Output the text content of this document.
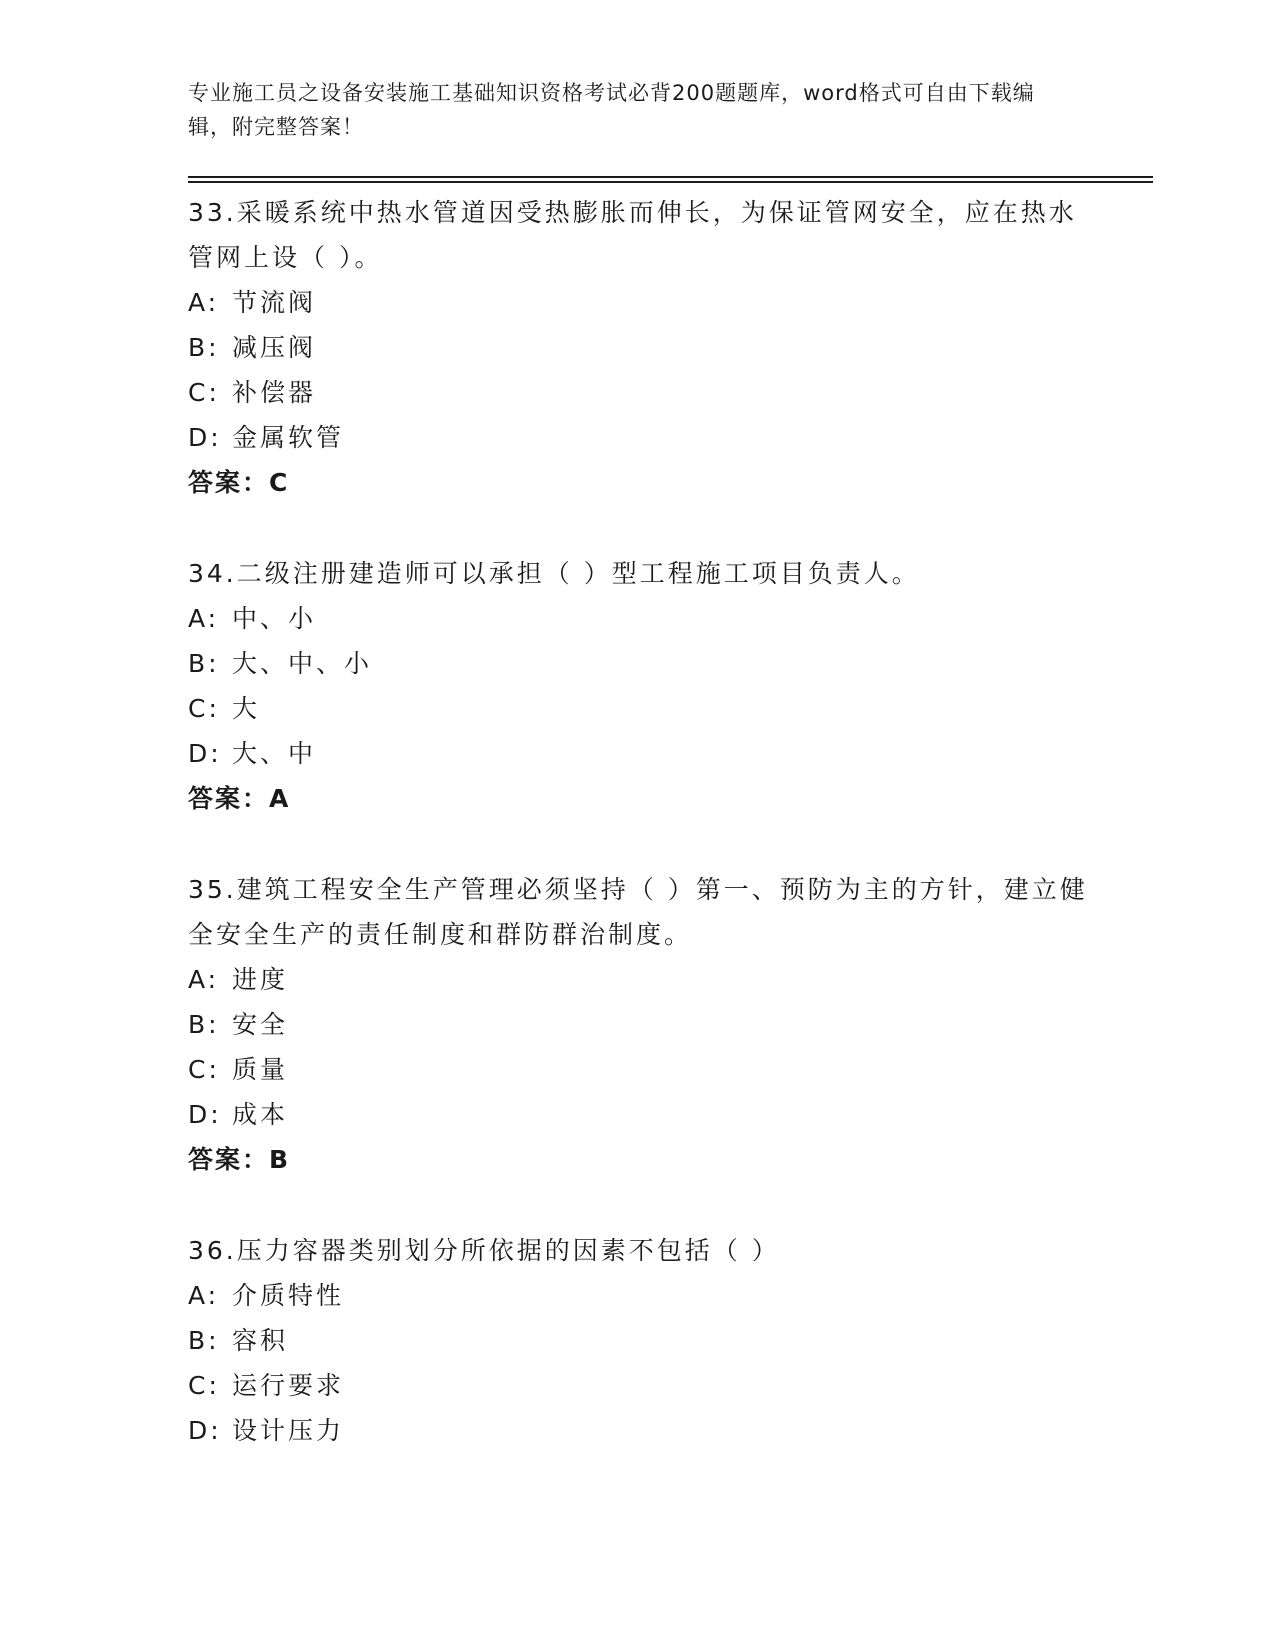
专业施工员之设备安装施工基础知识资格考试必背200题题库，word格式可自由下载编辑，附完整答案！

33.采暖系统中热水管道因受热膨胀而伸长，为保证管网安全，应在热水管网上设（ ）。

A: 节流阀
B: 减压阀
C: 补偿器
D: 金属软管
答案：C

34.二级注册建造师可以承担（ ）型工程施工项目负责人。

A: 中、小
B: 大、中、小
C: 大
D: 大、中
答案：A

35.建筑工程安全生产管理必须坚持（ ）第一、预防为主的方针，建立健全安全生产的责任制度和群防群治制度。

A: 进度
B: 安全
C: 质量
D: 成本
答案：B

36.压力容器类别划分所依据的因素不包括（ ）

A: 介质特性
B: 容积
C: 运行要求
D: 设计压力
